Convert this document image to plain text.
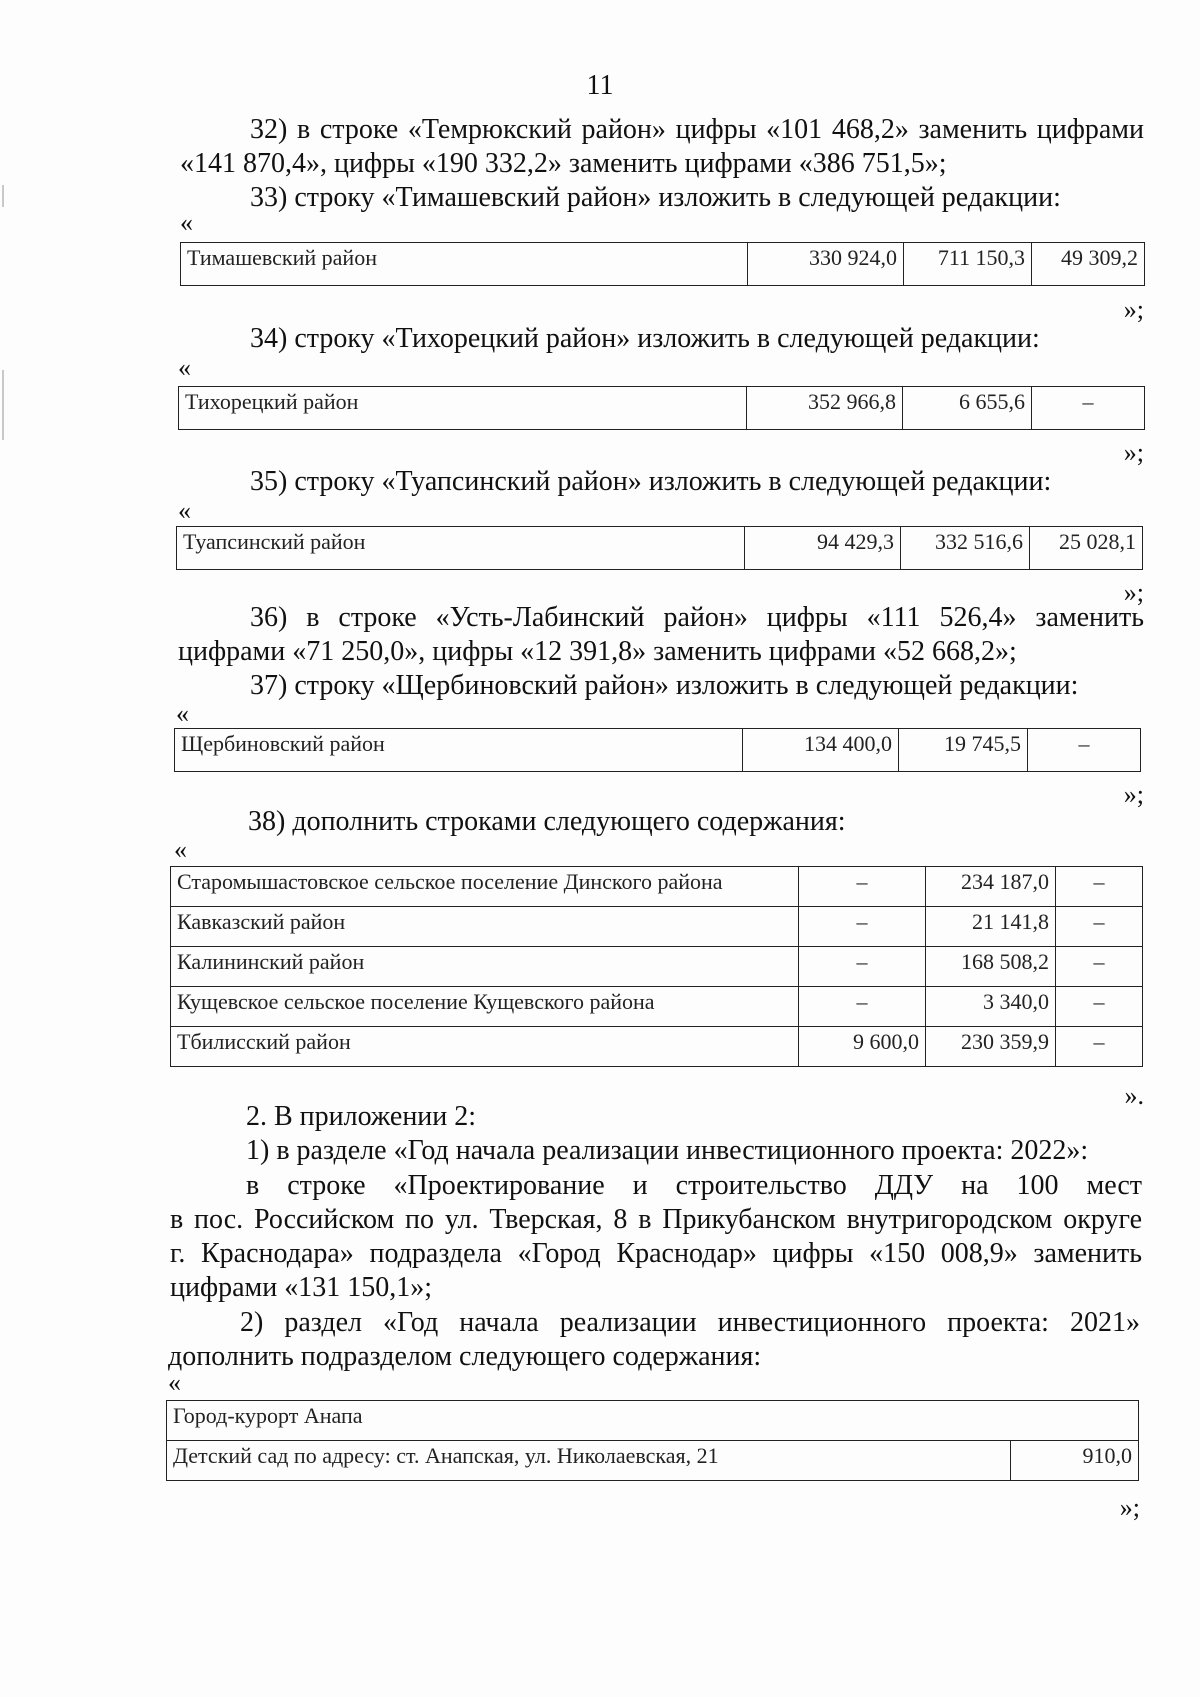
11
32) в строке «Темрюкский район» цифры «101 468,2» заменить цифрами
«141 870,4», цифры «190 332,2» заменить цифрами «386 751,5»;
33) строку «Тимашевский район» изложить в следующей редакции:
«
Тимашевский район	330 924,0	711 150,3	49 309,2
»;
34) строку «Тихорецкий район» изложить в следующей редакции:
«
Тихорецкий район	352 966,8	6 655,6	–
»;
35) строку «Туапсинский район» изложить в следующей редакции:
«
Туапсинский район	94 429,3	332 516,6	25 028,1
»;
36) в строке «Усть-Лабинский район» цифры «111 526,4» заменить
цифрами «71 250,0», цифры «12 391,8» заменить цифрами «52 668,2»;
37) строку «Щербиновский район» изложить в следующей редакции:
«
Щербиновский район	134 400,0	19 745,5	–
»;
38) дополнить строками следующего содержания:
«
Старомышастовское сельское поселение Динского района	–	234 187,0	–
Кавказский район	–	21 141,8	–
Калининский район	–	168 508,2	–
Кущевское сельское поселение Кущевского района	–	3 340,0	–
Тбилисский район	9 600,0	230 359,9	–
».
2. В приложении 2:
1) в разделе «Год начала реализации инвестиционного проекта: 2022»:
в строке «Проектирование и строительство ДДУ на 100 мест
в пос. Российском по ул. Тверская, 8 в Прикубанском внутригородском округе
г. Краснодара» подраздела «Город Краснодар» цифры «150 008,9» заменить
цифрами «131 150,1»;
2) раздел «Год начала реализации инвестиционного проекта: 2021»
дополнить подразделом следующего содержания:
«
Город-курорт Анапа
Детский сад по адресу: ст. Анапская, ул. Николаевская, 21	910,0
»;
